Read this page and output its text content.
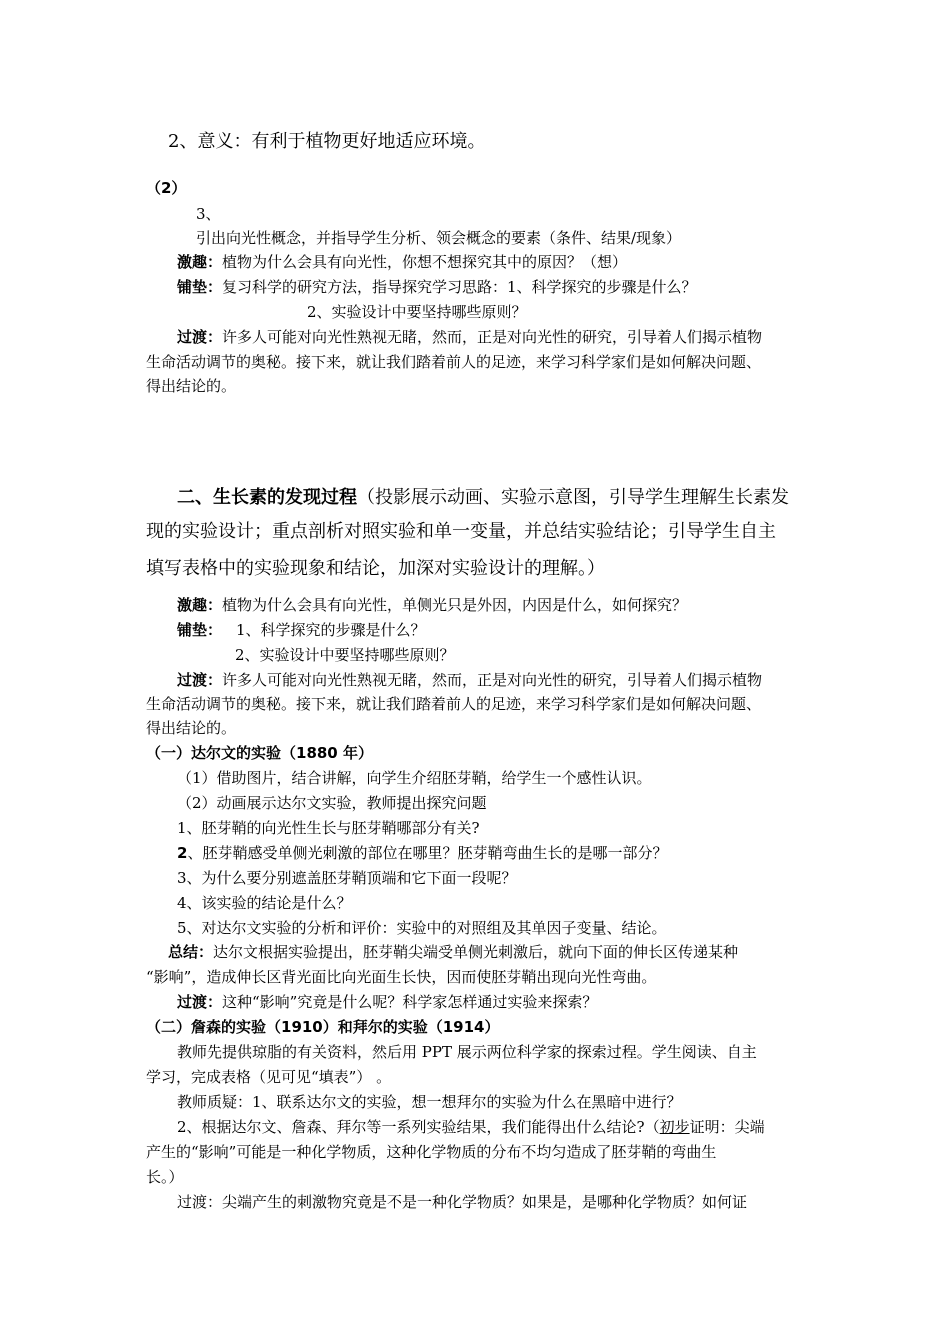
2、意义：有利于植物更好地适应环境。
（2）
3、
引出向光性概念，并指导学生分析、领会概念的要素（条件、结果/现象）
激趣：植物为什么会具有向光性，你想不想探究其中的原因？（想）
铺垫：复习科学的研究方法，指导探究学习思路：1、科学探究的步骤是什么？
2、实验设计中要坚持哪些原则？
过渡：许多人可能对向光性熟视无睹，然而，正是对向光性的研究，引导着人们揭示植物
生命活动调节的奥秘。接下来，就让我们踏着前人的足迹，来学习科学家们是如何解决问题、
得出结论的。
二、生长素的发现过程（投影展示动画、实验示意图，引导学生理解生长素发
现的实验设计；重点剖析对照实验和单一变量，并总结实验结论；引导学生自主
填写表格中的实验现象和结论，加深对实验设计的理解。）
激趣：植物为什么会具有向光性，单侧光只是外因，内因是什么，如何探究？
铺垫： 1、科学探究的步骤是什么？
2、实验设计中要坚持哪些原则？
过渡：许多人可能对向光性熟视无睹，然而，正是对向光性的研究，引导着人们揭示植物
生命活动调节的奥秘。接下来，就让我们踏着前人的足迹，来学习科学家们是如何解决问题、
得出结论的。
（一）达尔文的实验（1880 年）
（1）借助图片，结合讲解，向学生介绍胚芽鞘，给学生一个感性认识。
（2）动画展示达尔文实验，教师提出探究问题
1、胚芽鞘的向光性生长与胚芽鞘哪部分有关?
2、胚芽鞘感受单侧光刺激的部位在哪里？胚芽鞘弯曲生长的是哪一部分？
3、为什么要分别遮盖胚芽鞘顶端和它下面一段呢？
4、该实验的结论是什么？
5、对达尔文实验的分析和评价：实验中的对照组及其单因子变量、结论。
总结：达尔文根据实验提出，胚芽鞘尖端受单侧光刺激后，就向下面的伸长区传递某种
“影响”，造成伸长区背光面比向光面生长快，因而使胚芽鞘出现向光性弯曲。
过渡：这种“影响”究竟是什么呢？科学家怎样通过实验来探索？
（二）詹森的实验（1910）和拜尔的实验（1914）
教师先提供琼脂的有关资料，然后用 PPT 展示两位科学家的探索过程。学生阅读、自主
学习，完成表格（见可见“填表”） 。
教师质疑：1、联系达尔文的实验，想一想拜尔的实验为什么在黑暗中进行？
2、根据达尔文、詹森、拜尔等一系列实验结果，我们能得出什么结论?（初步证明：尖端
产生的“影响”可能是一种化学物质，这种化学物质的分布不均匀造成了胚芽鞘的弯曲生
长。）
过渡：尖端产生的刺激物究竟是不是一种化学物质？如果是，是哪种化学物质？如何证
